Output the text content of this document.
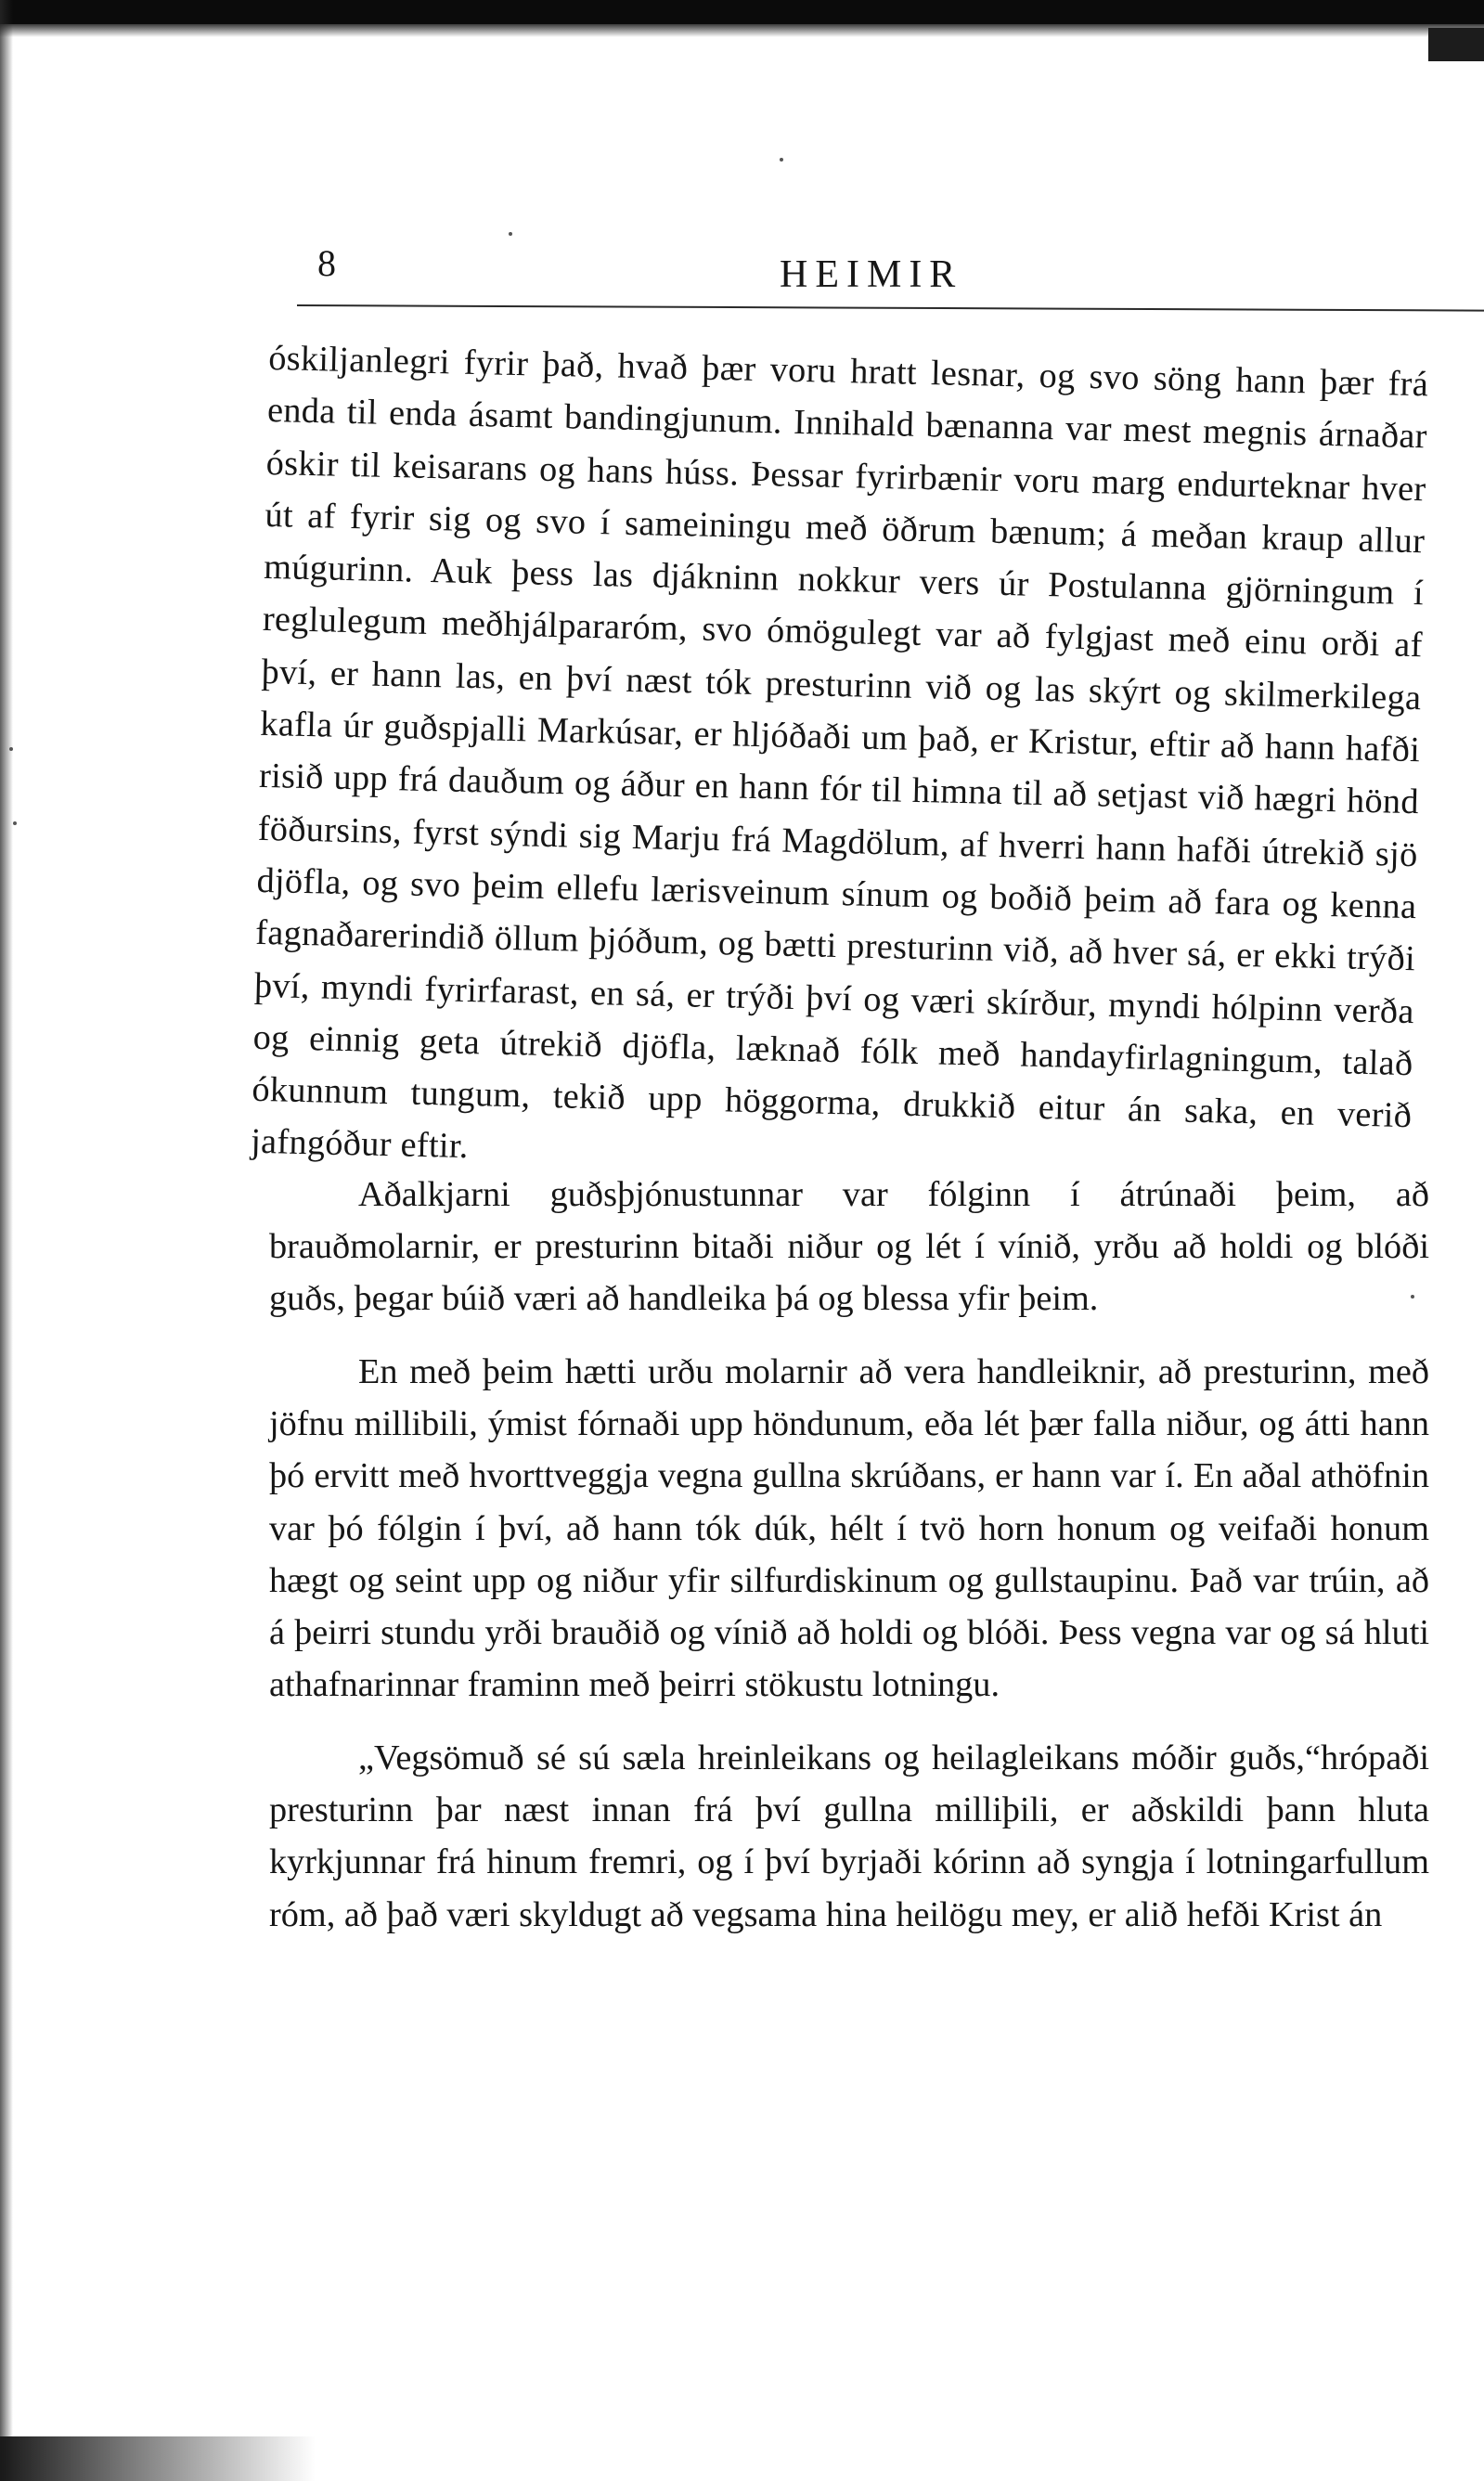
8	HEIMIR

óskiljanlegri fyrir það, hvað þær voru hratt lesnar, og svo söng hann þær frá enda til enda ásamt bandingjunum. Innihald bænanna var mest megnis árnaðar óskir til keisarans og hans húss. Þessar fyrirbænir voru marg endurteknar hver út af fyrir sig og svo í sameiningu með öðrum bænum; á meðan kraup allur múgurinn. Auk þess las djákninn nokkur vers úr Postulanna gjörningum í reglulegum meðhjálpararóm, svo ómögulegt var að fylgjast með einu orði af því, er hann las, en því næst tók presturinn við og las skýrt og skilmerkilega kafla úr guðspjalli Markúsar, er hljóðaði um það, er Kristur, eftir að hann hafði risið upp frá dauðum og áður en hann fór til himna til að setjast við hægri hönd föðursins, fyrst sýndi sig Marju frá Magdölum, af hverri hann hafði útrekið sjö djöfla, og svo þeim ellefu lærisveinum sínum og boðið þeim að fara og kenna fagnaðarerindið öllum þjóðum, og bætti presturinn við, að hver sá, er ekki trýði því, myndi fyrirfarast, en sá, er trýði því og væri skírður, myndi hólpinn verða og einnig geta útrekið djöfla, læknað fólk með handayfirlagningum, talað ókunnum tungum, tekið upp höggorma, drukkið eitur án saka, en verið jafngóður eftir.

Aðalkjarni guðsþjónustunnar var fólginn í átrúnaði þeim, að brauðmolarnir, er presturinn bitaði niður og lét í vínið, yrðu að holdi og blóði guðs, þegar búið væri að handleika þá og blessa yfir þeim.

En með þeim hætti urðu molarnir að vera handleiknir, að presturinn, með jöfnu millibili, ýmist fórnaði upp höndunum, eða lét þær falla niður, og átti hann þó ervitt með hvorttveggja vegna gullna skrúðans, er hann var í. En aðal athöfnin var þó fólgin í því, að hann tók dúk, hélt í tvö horn honum og veifaði honum hægt og seint upp og niður yfir silfurdiskinum og gullstaupinu. Það var trúin, að á þeirri stundu yrði brauðið og vínið að holdi og blóði. Þess vegna var og sá hluti athafnarinnar framinn með þeirri stökustu lotningu.

„Vegsömuð sé sú sæla hreinleikans og heilagleikans móðir guðs,“hrópaði presturinn þar næst innan frá því gullna milliþili, er aðskildi þann hluta kyrkjunnar frá hinum fremri, og í því byrjaði kórinn að syngja í lotningarfullum róm, að það væri skyldugt að vegsama hina heilögu mey, er alið hefði Krist án
